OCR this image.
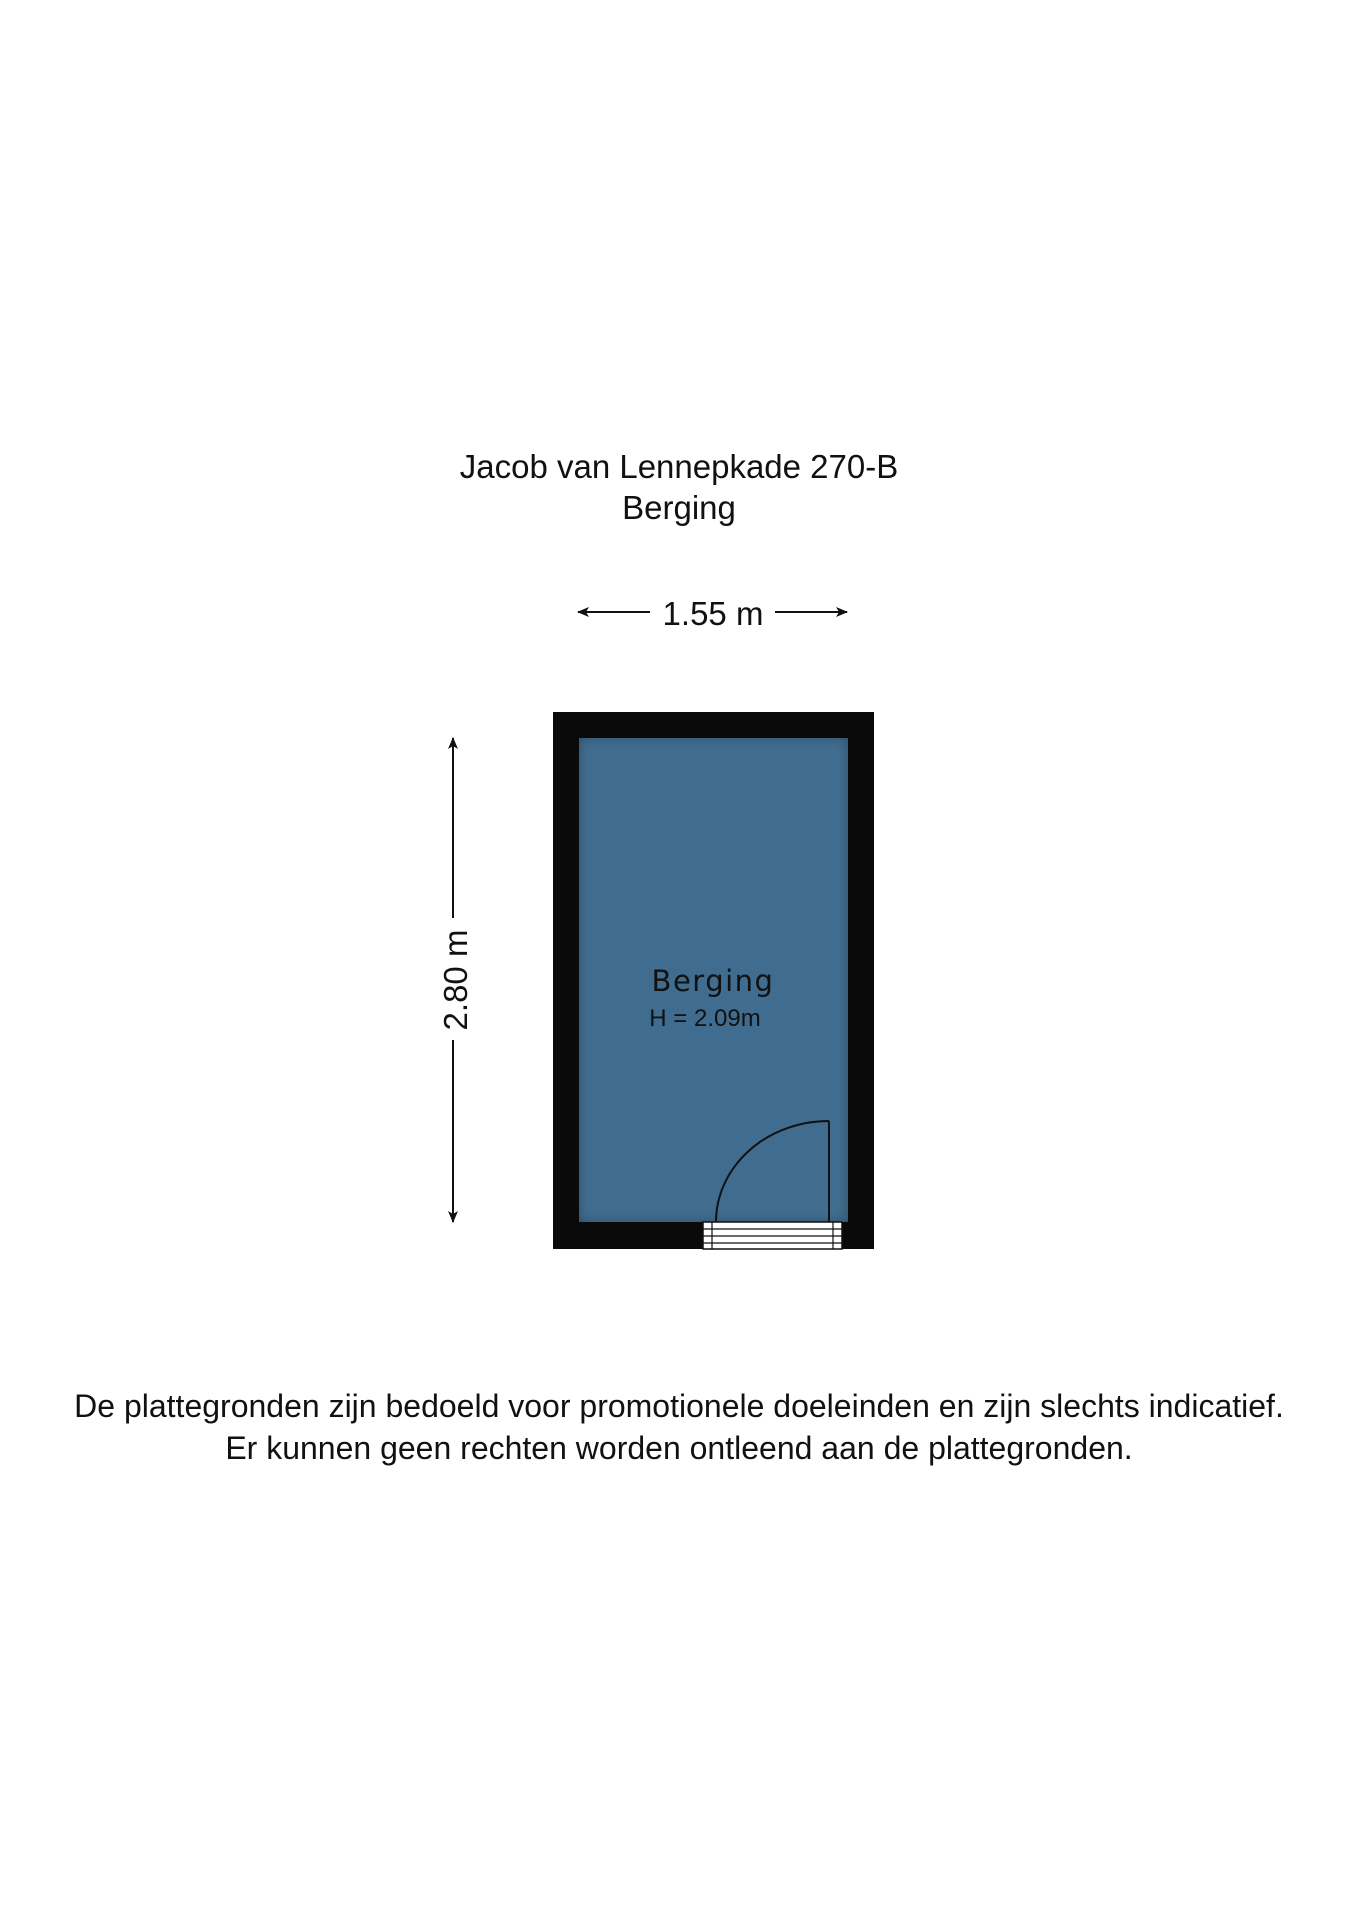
Jacob van Lennepkade 270-B
Berging
1.55 m
2.80 m	Berging
H = 2.09m
De plattegronden zijn bedoeld voor promotionele doeleinden en zijn slechts indicatief.
Er kunnen geen rechten worden ontleend aan de plattegronden.
